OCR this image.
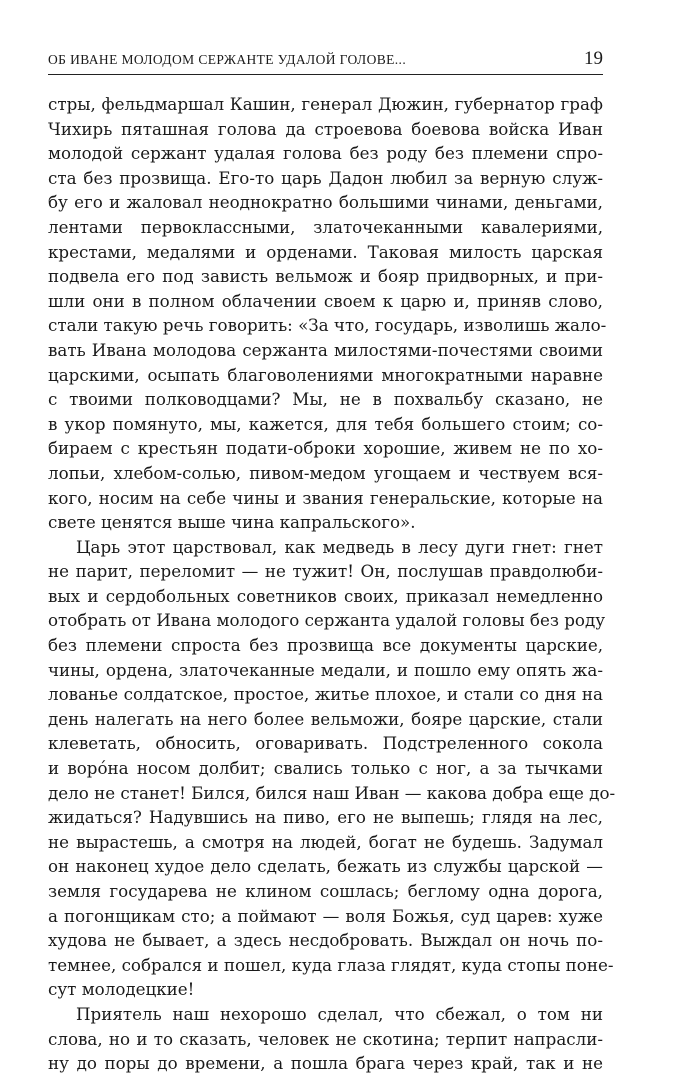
ОБ ИВАНЕ МОЛОДОМ СЕРЖАНТЕ УДАЛОЙ ГОЛОВЕ...	19
стры, фельдмаршал Кашин, генерал Дюжин, губернатор граф
Чихирь пяташная голова да строевова боевова войска Иван
молодой сержант удалая голова без роду без племени спро-
ста без прозвища. Его-то царь Дадон любил за верную служ-
бу его и жаловал неоднократно большими чинами, деньгами,
лентами первоклассными, златочеканными кавалериями,
крестами, медалями и орденами. Таковая милость царская
подвела его под зависть вельмож и бояр придворных, и при-
шли они в полном облачении своем к царю и, приняв слово,
стали такую речь говорить: «За что, государь, изволишь жало-
вать Ивана молодова сержанта милостями-почестями своими
царскими, осыпать благоволениями многократными наравне
с твоими полководцами? Мы, не в похвальбу сказано, не
в укор помянуто, мы, кажется, для тебя большего стоим; со-
бираем с крестьян подати-оброки хорошие, живем не по хо-
лопьи, хлебом-солью, пивом-медом угощаем и чествуем вся-
кого, носим на себе чины и звания генеральские, которые на
свете ценятся выше чина капральского».
Царь этот царствовал, как медведь в лесу дуги гнет: гнет
не парит, переломит — не тужит! Он, послушав правдолюби-
вых и сердобольных советников своих, приказал немедленно
отобрать от Ивана молодого сержанта удалой головы без роду
без племени спроста без прозвища все документы царские,
чины, ордена, златочеканные медали, и пошло ему опять жа-
лованье солдатское, простое, житье плохое, и стали со дня на
день налегать на него более вельможи, бояре царские, стали
клеветать, обносить, оговаривать. Подстреленного сокола
и вoрóна носом долбит; свались только с ног, а за тычками
дело не станет! Бился, бился наш Иван — какова добра еще до-
жидаться? Надувшись на пиво, его не выпешь; глядя на лес,
не вырастешь, а смотря на людей, богат не будешь. Задумал
он наконец худое дело сделать, бежать из службы царской —
земля государева не клином сошлась; беглому одна дорога,
а погонщикам сто; а поймают — воля Божья, суд царев: хуже
худова не бывает, а здесь несдобровать. Выждал он ночь по-
темнее, собрался и пошел, куда глаза глядят, куда стопы поне-
сут молодецкие!
Приятель наш нехорошо сделал, что сбежал, о том ни
слова, но и то сказать, человек не скотина; терпит напрасли-
ну до поры до времени, а пошла брага через край, так и не
